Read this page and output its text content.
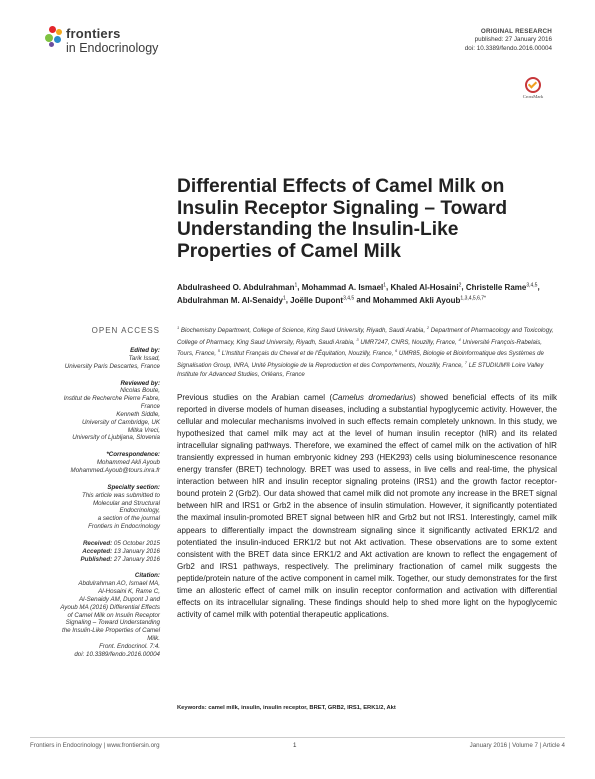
frontiers
in Endocrinology
ORIGINAL RESEARCH
published: 27 January 2016
doi: 10.3389/fendo.2016.00004
CrossMark
Differential Effects of Camel Milk on Insulin Receptor Signaling – Toward Understanding the Insulin-Like Properties of Camel Milk
Abdulrasheed O. Abdulrahman$^1$, Mohammad A. Ismael$^1$, Khaled Al-Hosaini$^2$, Christelle Rame$^{3,4,5}$, Abdulrahman M. Al-Senaidy$^1$, Joëlle Dupont$^{3,4,5}$ and Mohammed Akli Ayoub$^{1,3,4,5,6,7*}$
$^1$ Biochemistry Department, College of Science, King Saud University, Riyadh, Saudi Arabia, $^2$ Department of Pharmacology and Toxicology, College of Pharmacy, King Saud University, Riyadh, Saudi Arabia, $^3$ UMR7247, CNRS, Nouzilly, France, $^4$ Université François-Rabelais, Tours, France, $^5$ L’Institut Français du Cheval et de l’Équitation, Nouzilly, France, $^6$ UMR85, Biologie et Bioinformatique des Systèmes de Signalisation Group, INRA, Unité Physiologie de la Reproduction et des Comportements, Nouzilly, France, $^7$ LE STUDIUM® Loire Valley Institute for Advanced Studies, Orléans, France
OPEN ACCESS
Edited by:
Tarik Issad,
University Paris Descartes, France
Reviewed by:
Nicolas Boute,
Institut de Recherche Pierre Fabre,
France
Kenneth Siddle,
University of Cambridge, UK
Mitka Vreci,
University of Ljubljana, Slovenia
*Correspondence:
Mohammed Akli Ayoub
Mohammed.Ayoub@tours.inra.fr
Specialty section:
This article was submitted to
Molecular and Structural
Endocrinology,
a section of the journal
Frontiers in Endocrinology
Received: 05 October 2015
Accepted: 13 January 2016
Published: 27 January 2016
Citation:
Abdulrahman AO, Ismael MA,
Al-Hosaini K, Rame C,
Al-Senaidy AM, Dupont J and
Ayoub MA (2016) Differential Effects
of Camel Milk on Insulin Receptor
Signaling – Toward Understanding
the Insulin-Like Properties of Camel
Milk.
Front. Endocrinol. 7:4.
doi: 10.3389/fendo.2016.00004
Previous studies on the Arabian camel (Camelus dromedarius) showed beneficial effects of its milk reported in diverse models of human diseases, including a substantial hypoglycemic activity. However, the cellular and molecular mechanisms involved in such effects remain completely unknown. In this study, we hypothesized that camel milk may act at the level of human insulin receptor (hIR) and its related intracellular signaling pathways. Therefore, we examined the effect of camel milk on the activation of hIR transiently expressed in human embryonic kidney 293 (HEK293) cells using bioluminescence resonance energy transfer (BRET) technology. BRET was used to assess, in live cells and real-time, the physical interaction between hIR and insulin receptor signaling proteins (IRS1) and the growth factor receptor-bound protein 2 (Grb2). Our data showed that camel milk did not promote any increase in the BRET signal between hIR and IRS1 or Grb2 in the absence of insulin stimulation. However, it significantly potentiated the maximal insulin-promoted BRET signal between hIR and Grb2 but not IRS1. Interestingly, camel milk appears to differentially impact the downstream signaling since it significantly activated ERK1/2 and potentiated the insulin-induced ERK1/2 but not Akt activation. These observations are to some extent consistent with the BRET data since ERK1/2 and Akt activation are known to reflect the engagement of Grb2 and IRS1 pathways, respectively. The preliminary fractionation of camel milk suggests the peptide/protein nature of the active component in camel milk. Together, our study demonstrates for the first time an allosteric effect of camel milk on insulin receptor conformation and activation with differential effects on its intracellular signaling. These findings should help to shed more light on the hypoglycemic activity of camel milk with potential therapeutic applications.
Keywords: camel milk, insulin, insulin receptor, BRET, GRB2, IRS1, ERK1/2, Akt
Frontiers in Endocrinology | www.frontiersin.org	1	January 2016 | Volume 7 | Article 4
